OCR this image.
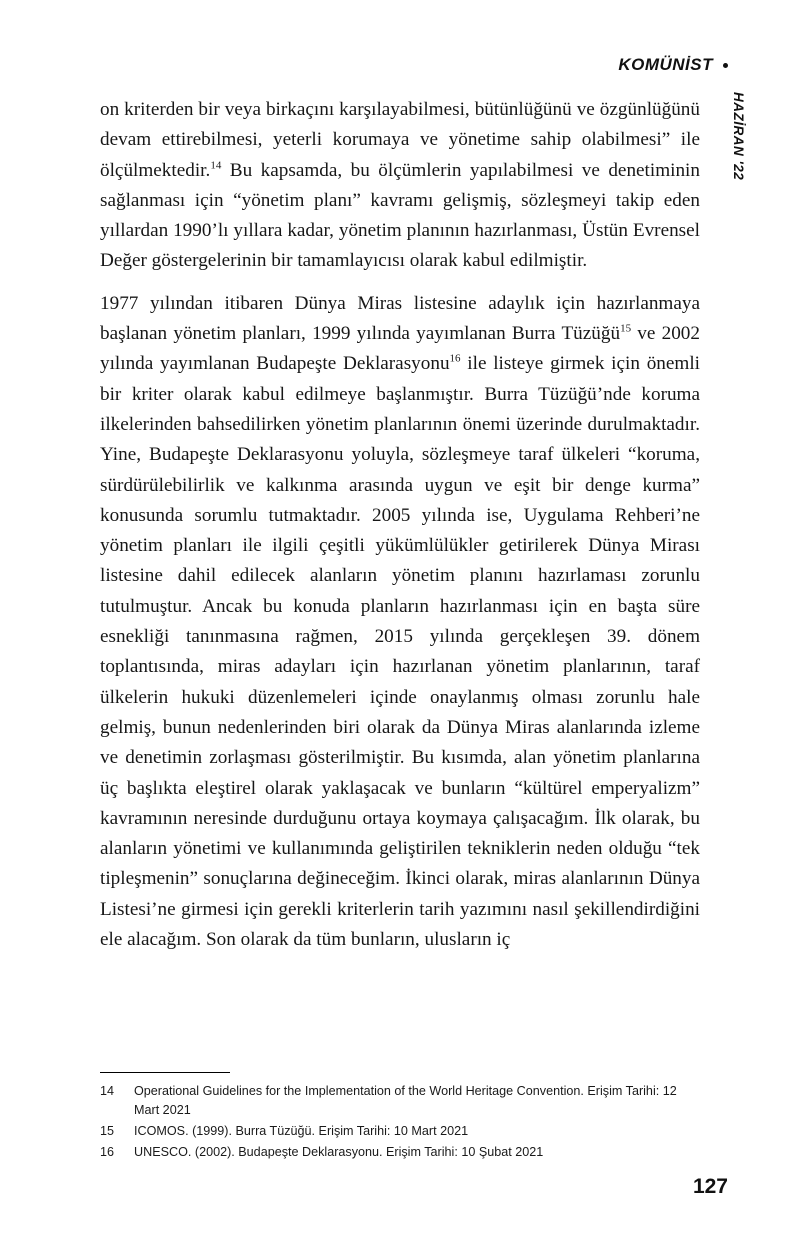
KOMÜNİST
HAZİRAN '22

on kriterden bir veya birkaçını karşılayabilmesi, bütünlüğünü ve özgünlüğünü devam ettirebilmesi, yeterli korumaya ve yönetime sahip olabilmesi” ile ölçülmektedir.$^{14}$ Bu kapsamda, bu ölçümlerin yapılabilmesi ve denetiminin sağlanması için “yönetim planı” kavramı gelişmiş, sözleşmeyi takip eden yıllardan 1990’lı yıllara kadar, yönetim planının hazırlanması, Üstün Evrensel Değer göstergelerinin bir tamamlayıcısı olarak kabul edilmiştir.

1977 yılından itibaren Dünya Miras listesine adaylık için hazırlanmaya başlanan yönetim planları, 1999 yılında yayımlanan Burra Tüzüğü$^{15}$ ve 2002 yılında yayımlanan Budapeşte Deklarasyonu$^{16}$ ile listeye girmek için önemli bir kriter olarak kabul edilmeye başlanmıştır. Burra Tüzüğü’nde koruma ilkelerinden bahsedilirken yönetim planlarının önemi üzerinde durulmaktadır. Yine, Budapeşte Deklarasyonu yoluyla, sözleşmeye taraf ülkeleri “koruma, sürdürülebilirlik ve kalkınma arasında uygun ve eşit bir denge kurma” konusunda sorumlu tutmaktadır. 2005 yılında ise, Uygulama Rehberi’ne yönetim planları ile ilgili çeşitli yükümlülükler getirilerek Dünya Mirası listesine dahil edilecek alanların yönetim planını hazırlaması zorunlu tutulmuştur. Ancak bu konuda planların hazırlanması için en başta süre esnekliği tanınmasına rağmen, 2015 yılında gerçekleşen 39. dönem toplantısında, miras adayları için hazırlanan yönetim planlarının, taraf ülkelerin hukuki düzenlemeleri içinde onaylanmış olması zorunlu hale gelmiş, bunun nedenlerinden biri olarak da Dünya Miras alanlarında izleme ve denetimin zorlaşması gösterilmiştir. Bu kısımda, alan yönetim planlarına üç başlıkta eleştirel olarak yaklaşacak ve bunların “kültürel emperyalizm” kavramının neresinde durduğunu ortaya koymaya çalışacağım. İlk olarak, bu alanların yönetimi ve kullanımında geliştirilen tekniklerin neden olduğu “tek tipleşmenin” sonuçlarına değineceğim. İkinci olarak, miras alanlarının Dünya Listesi’ne girmesi için gerekli kriterlerin tarih yazımını nasıl şekillendirdiğini ele alacağım. Son olarak da tüm bunların, ulusların iç

14	Operational Guidelines for the Implementation of the World Heritage Convention. Erişim Tarihi: 12 Mart 2021
15	ICOMOS. (1999). Burra Tüzüğü. Erişim Tarihi: 10 Mart 2021
16	UNESCO. (2002). Budapeşte Deklarasyonu. Erişim Tarihi: 10 Şubat 2021
127
